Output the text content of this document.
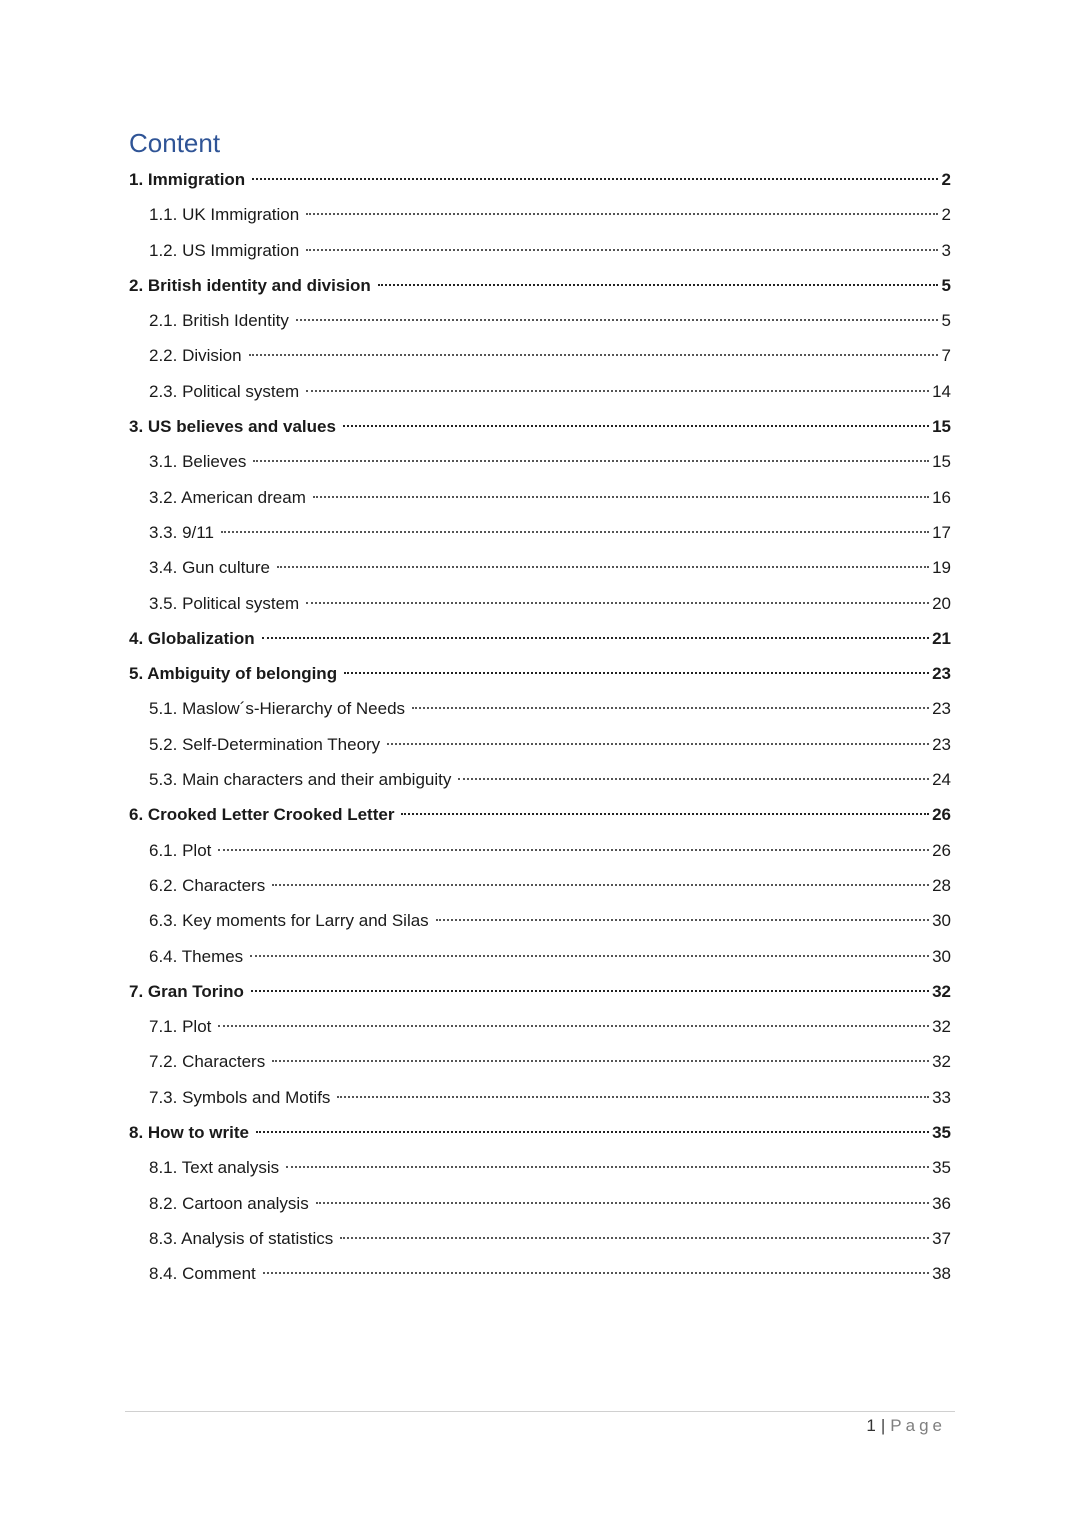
Content
1. Immigration	2
1.1. UK Immigration	2
1.2. US Immigration	3
2. British identity and division	5
2.1. British Identity	5
2.2. Division	7
2.3. Political system	14
3. US believes and values	15
3.1. Believes	15
3.2. American dream	16
3.3. 9/11	17
3.4. Gun culture	19
3.5. Political system	20
4. Globalization	21
5. Ambiguity of belonging	23
5.1. Maslow´s-Hierarchy of Needs	23
5.2. Self-Determination Theory	23
5.3. Main characters and their ambiguity	24
6. Crooked Letter Crooked Letter	26
6.1. Plot	26
6.2. Characters	28
6.3. Key moments for Larry and Silas	30
6.4. Themes	30
7. Gran Torino	32
7.1. Plot	32
7.2. Characters	32
7.3. Symbols and Motifs	33
8. How to write	35
8.1. Text analysis	35
8.2. Cartoon analysis	36
8.3. Analysis of statistics	37
8.4. Comment	38
1 | Page
